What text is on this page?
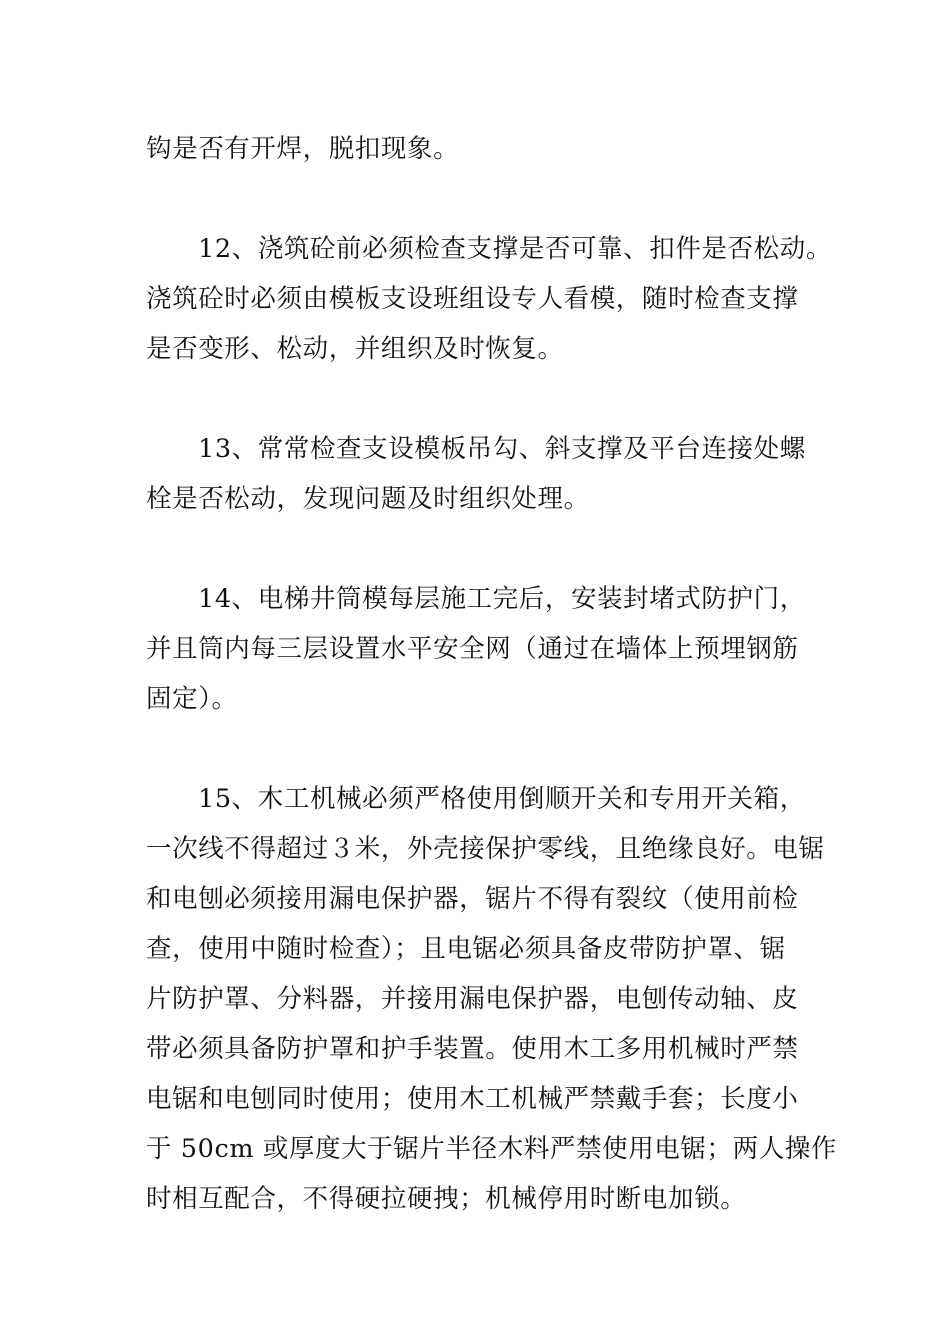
钩是否有开焊，脱扣现象。
12、浇筑砼前必须检查支撑是否可靠、扣件是否松动。
浇筑砼时必须由模板支设班组设专人看模，随时检查支撑
是否变形、松动，并组织及时恢复。
13、常常检查支设模板吊勾、斜支撑及平台连接处螺
栓是否松动，发现问题及时组织处理。
14、电梯井筒模每层施工完后，安装封堵式防护门，
并且筒内每三层设置水平安全网（通过在墙体上预埋钢筋
固定）。
15、木工机械必须严格使用倒顺开关和专用开关箱，
一次线不得超过３米，外壳接保护零线，且绝缘良好。电锯
和电刨必须接用漏电保护器，锯片不得有裂纹（使用前检
查，使用中随时检查）；且电锯必须具备皮带防护罩、锯
片防护罩、分料器，并接用漏电保护器，电刨传动轴、皮
带必须具备防护罩和护手装置。使用木工多用机械时严禁
电锯和电刨同时使用；使用木工机械严禁戴手套；长度小
于 50cm 或厚度大于锯片半径木料严禁使用电锯；两人操作
时相互配合，不得硬拉硬拽；机械停用时断电加锁。
